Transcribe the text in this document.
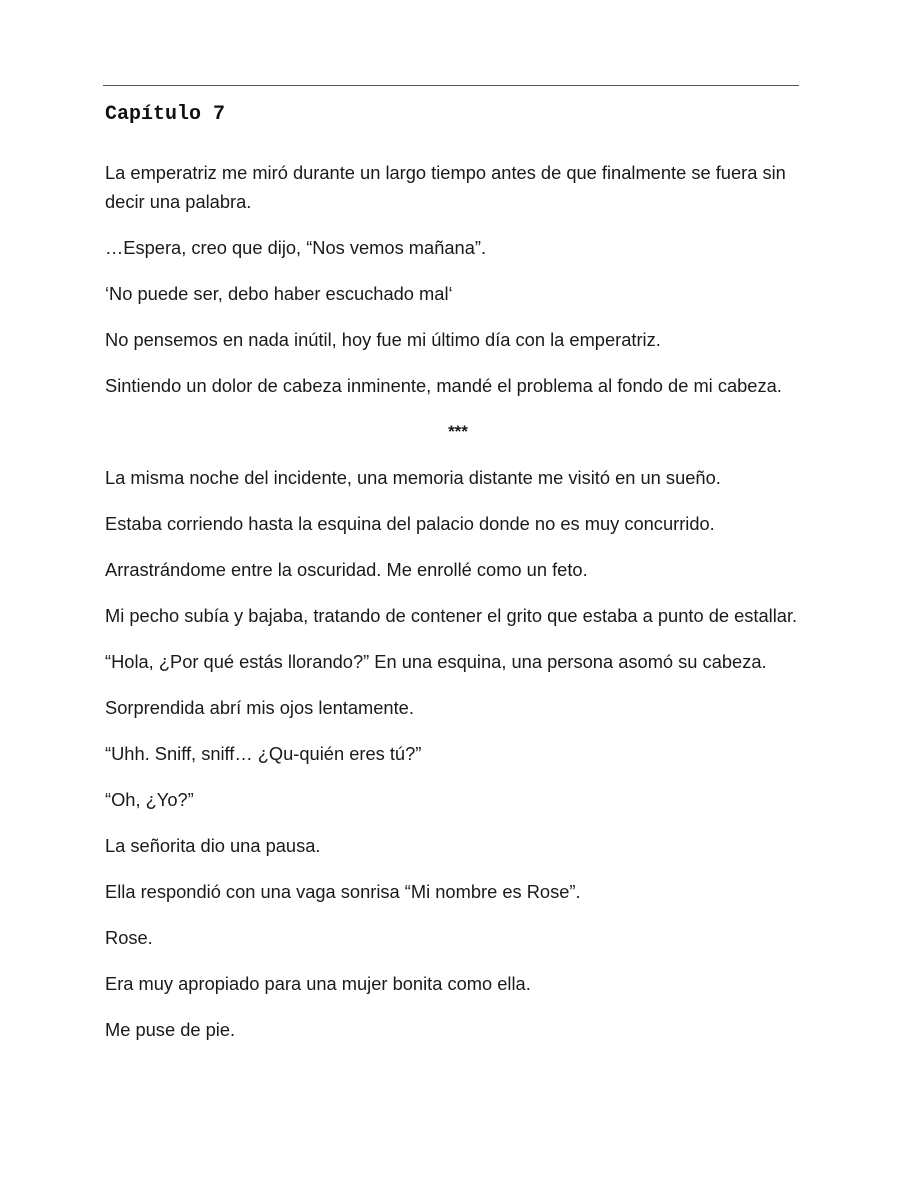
Capítulo 7

La emperatriz me miró durante un largo tiempo antes de que finalmente se fuera sin decir una palabra.

…Espera, creo que dijo, “Nos vemos mañana”.

‘No puede ser, debo haber escuchado mal‘

No pensemos en nada inútil, hoy fue mi último día con la emperatriz.

Sintiendo un dolor de cabeza inminente, mandé el problema al fondo de mi cabeza.

***

La misma noche del incidente, una memoria distante me visitó en un sueño.

Estaba corriendo hasta la esquina del palacio donde no es muy concurrido.

Arrastrándome entre la oscuridad. Me enrollé como un feto.

Mi pecho subía y bajaba, tratando de contener el grito que estaba a punto de estallar.

“Hola, ¿Por qué estás llorando?” En una esquina, una persona asomó su cabeza.

Sorprendida abrí mis ojos lentamente.

“Uhh. Sniff, sniff… ¿Qu-quién eres tú?”

“Oh, ¿Yo?”

La señorita dio una pausa.

Ella respondió con una vaga sonrisa “Mi nombre es Rose”.

Rose.

Era muy apropiado para una mujer bonita como ella.

Me puse de pie.
